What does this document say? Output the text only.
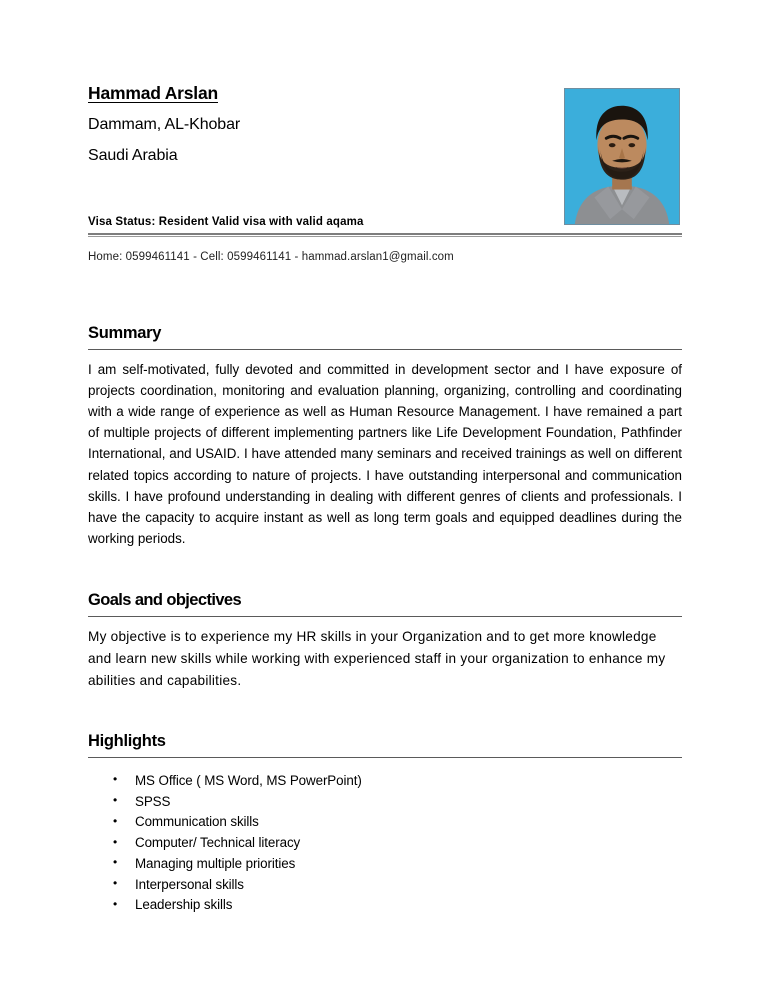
Hammad Arslan
Dammam, AL-Khobar
Saudi Arabia
Visa Status: Resident Valid visa with valid aqama
Home: 0599461141 - Cell: 0599461141 - hammad.arslan1@gmail.com
Summary
I am self-motivated, fully devoted and committed in development sector and I have exposure of projects coordination, monitoring and evaluation planning, organizing, controlling and coordinating with a wide range of experience as well as Human Resource Management. I have remained a part of multiple projects of different implementing partners like Life Development Foundation, Pathfinder International, and USAID. I have attended many seminars and received trainings as well on different related topics according to nature of projects. I have outstanding interpersonal and communication skills. I have profound understanding in dealing with different genres of clients and professionals. I have the capacity to acquire instant as well as long term goals and equipped deadlines during the working periods.
Goals and objectives
My objective is to experience my HR skills in your Organization and to get more knowledge and learn new skills while working with experienced staff in your organization to enhance my abilities and capabilities.
Highlights
• MS Office ( MS Word, MS PowerPoint)
• SPSS
• Communication skills
• Computer/ Technical literacy
• Managing multiple priorities
• Interpersonal skills
• Leadership skills
